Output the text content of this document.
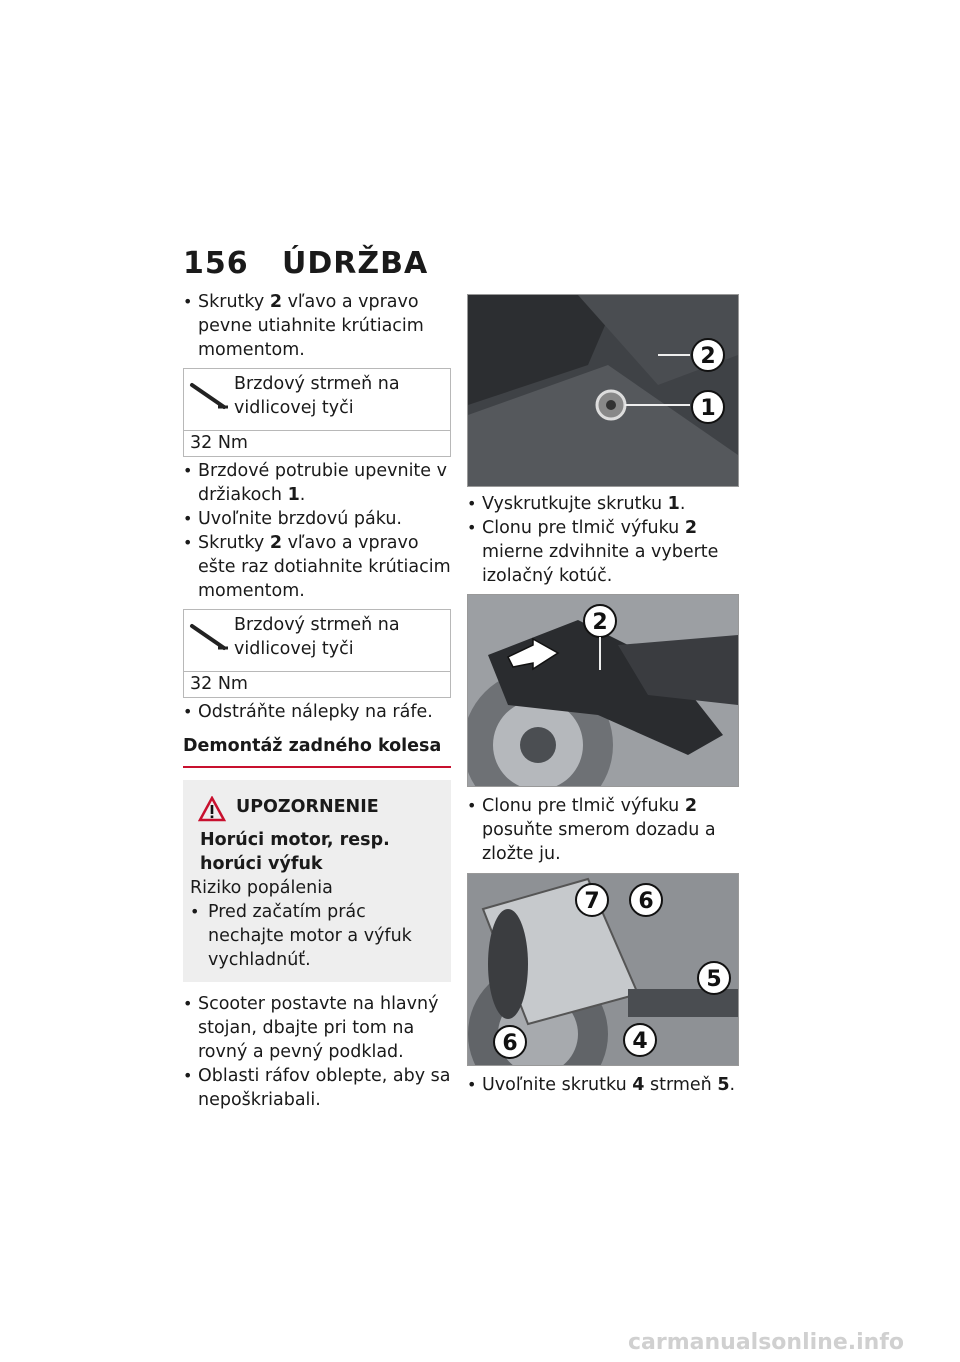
156 ÚDRŽBA
• Skrutky 2 vľavo a vpravo pevne utiahnite krútiacim momentom.
Brzdový strmeň na vidlicovej tyči
32 Nm
• Brzdové potrubie upevnite v držiakoch 1.
• Uvoľnite brzdovú páku.
• Skrutky 2 vľavo a vpravo ešte raz dotiahnite krútiacim momentom.
Brzdový strmeň na vidlicovej tyči
32 Nm
• Odstráňte nálepky na ráfe.
Demontáž zadného kolesa
UPOZORNENIE
Horúci motor, resp. horúci výfuk
Riziko popálenia
• Pred začatím prác nechajte motor a výfuk vychladnúť.
• Scooter postavte na hlavný stojan, dbajte pri tom na rovný a pevný podklad.
• Oblasti ráfov oblepte, aby sa nepoškriabali.
2
1
• Vyskrutkujte skrutku 1.
• Clonu pre tlmič výfuku 2 mierne zdvihnite a vyberte izolačný kotúč.
2
• Clonu pre tlmič výfuku 2 posuňte smerom dozadu a zložte ju.
7 6
5
6	4
• Uvoľnite skrutku 4 strmeň 5.
carmanualsonline.info
